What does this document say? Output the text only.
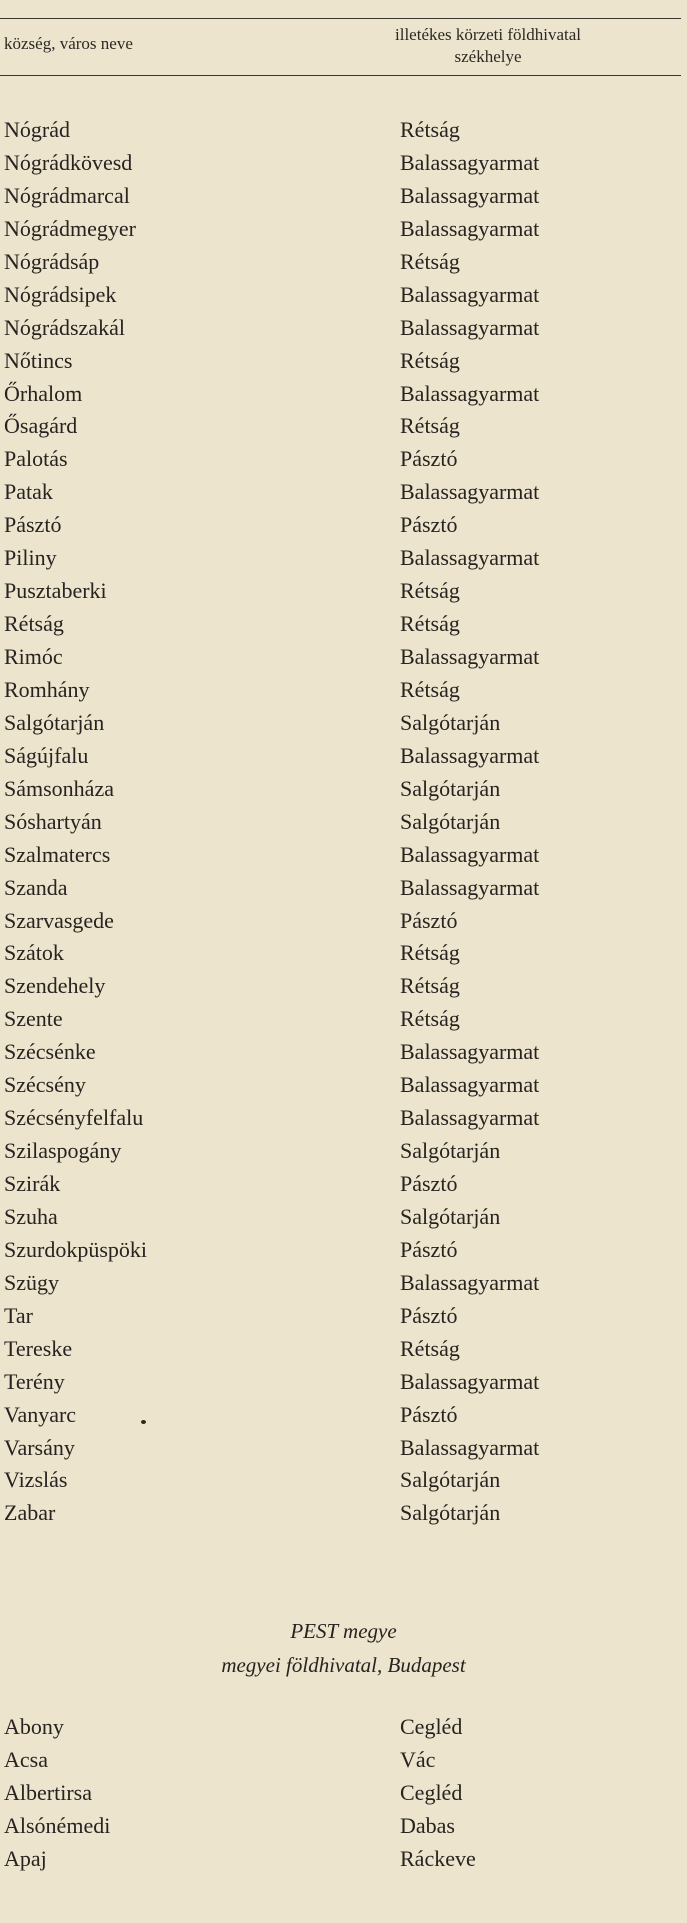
község, város neve	illetékes körzeti földhivatal székhelye
Nógrád	Rétság
Nógrádkövesd	Balassagyarmat
Nógrádmarcal	Balassagyarmat
Nógrádmegyer	Balassagyarmat
Nógrádsáp	Rétság
Nógrádsipek	Balassagyarmat
Nógrádszakál	Balassagyarmat
Nőtincs	Rétság
Őrhalom	Balassagyarmat
Ősagárd	Rétság
Palotás	Pásztó
Patak	Balassagyarmat
Pásztó	Pásztó
Piliny	Balassagyarmat
Pusztaberki	Rétság
Rétság	Rétság
Rimóc	Balassagyarmat
Romhány	Rétság
Salgótarján	Salgótarján
Ságújfalu	Balassagyarmat
Sámsonháza	Salgótarján
Sóshartyán	Salgótarján
Szalmatercs	Balassagyarmat
Szanda	Balassagyarmat
Szarvasgede	Pásztó
Szátok	Rétság
Szendehely	Rétság
Szente	Rétság
Szécsénke	Balassagyarmat
Szécsény	Balassagyarmat
Szécsényfelfalu	Balassagyarmat
Szilaspogány	Salgótarján
Szirák	Pásztó
Szuha	Salgótarján
Szurdokpüspöki	Pásztó
Szügy	Balassagyarmat
Tar	Pásztó
Tereske	Rétság
Terény	Balassagyarmat
Vanyarc	Pásztó
Varsány	Balassagyarmat
Vizslás	Salgótarján
Zabar	Salgótarján
PEST megye
megyei földhivatal, Budapest
Abony	Cegléd
Acsa	Vác
Albertirsa	Cegléd
Alsónémedi	Dabas
Apaj	Ráckeve
